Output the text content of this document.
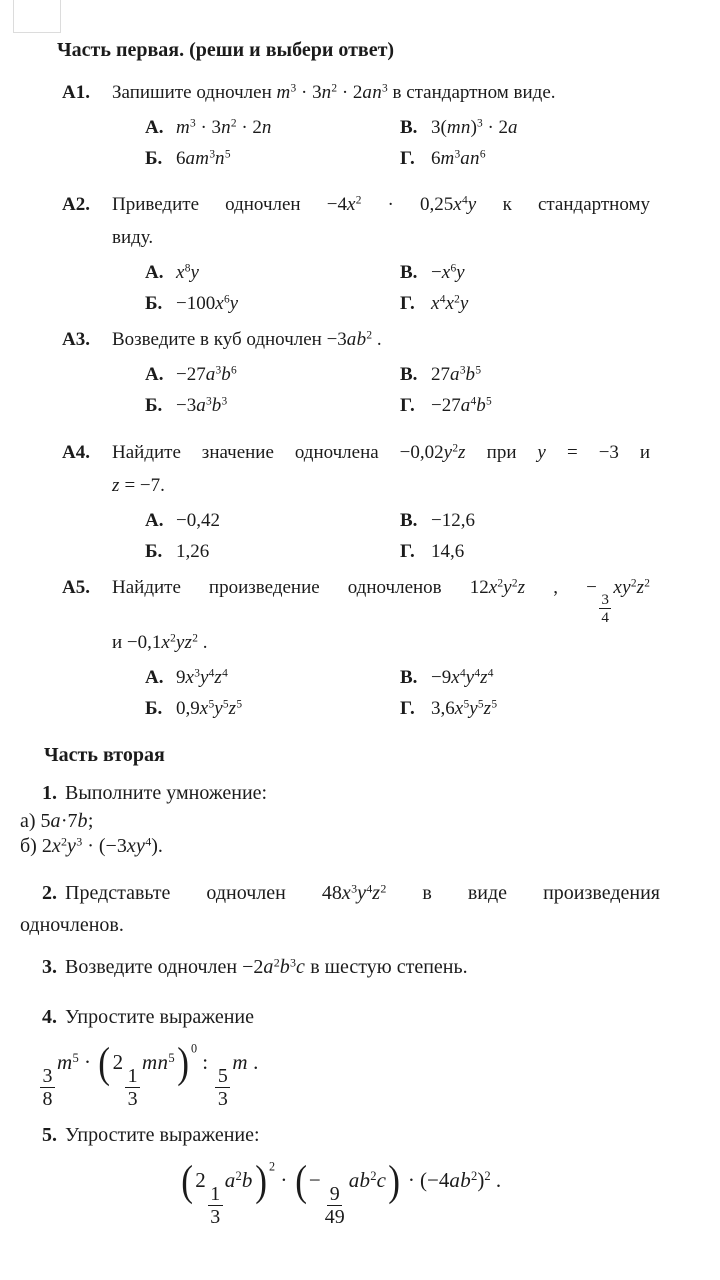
Часть первая. (реши и выбери ответ)
А1. Запишите одночлен $m^3 \cdot 3n^2 \cdot 2an^3$ в стандартном виде.
А. $m^3 \cdot 3n^2 \cdot 2n$	В. 3(mn)$^3$ · 2a
Б. $6am^3n^5$	Г. $6m^3an^6$
А2. Приведите одночлен $-4x^2 \cdot 0,25x^4y$ к стандартному
виду.
А. $x^8y$	В. $-x^6y$
Б. $-100x^6y$	Г. $x^4x^2y$
А3. Возведите в куб одночлен $-3ab^2$ .
А. $-27a^3b^6$	В. $27a^3b^5$
Б. $-3a^3b^3$	Г. $-27a^4b^5$
А4. Найдите значение одночлена $-0,02y^2z$ при y = −3 и
z = −7.
А. −0,42	В. −12,6
Б. 1,26	Г. 14,6
А5. Найдите произведение одночленов $12x^2y^2z$ , −
$\frac{3}{4}$
$xy^2z^2$
$и -0,1x^2yz^2$ .
А. $9x^3y^4z^4$	В. $-9x^4y^4z^4$
Б. $0,9x^5y^5z^5$	Г. $3,6x^5y^5z^5$
Часть вторая
1. Выполните умножение:
а) 5a·7b;
б) $2x^2y^3 \cdot (-3xy^4)$.
2. Представьте одночлен $48x^3y^4z^2$ в виде произведения
одночленов.
3. Возведите одночлен $-2a^2b^3c$ в шестую степень.
4. Упростите выражение
$\frac{3}{8}$
$m^5$ · ( 2
$\frac{1}{3}$
$mn^5$) $^0$ :
$\frac{5}{3}$
m .
5. Упростите выражение:
( 2
$\frac{1}{3}$
$a^2b$) $^2$ · ( −
$\frac{9}{49}$
$ab^2c) \cdot (-4ab^2)^2$ .
